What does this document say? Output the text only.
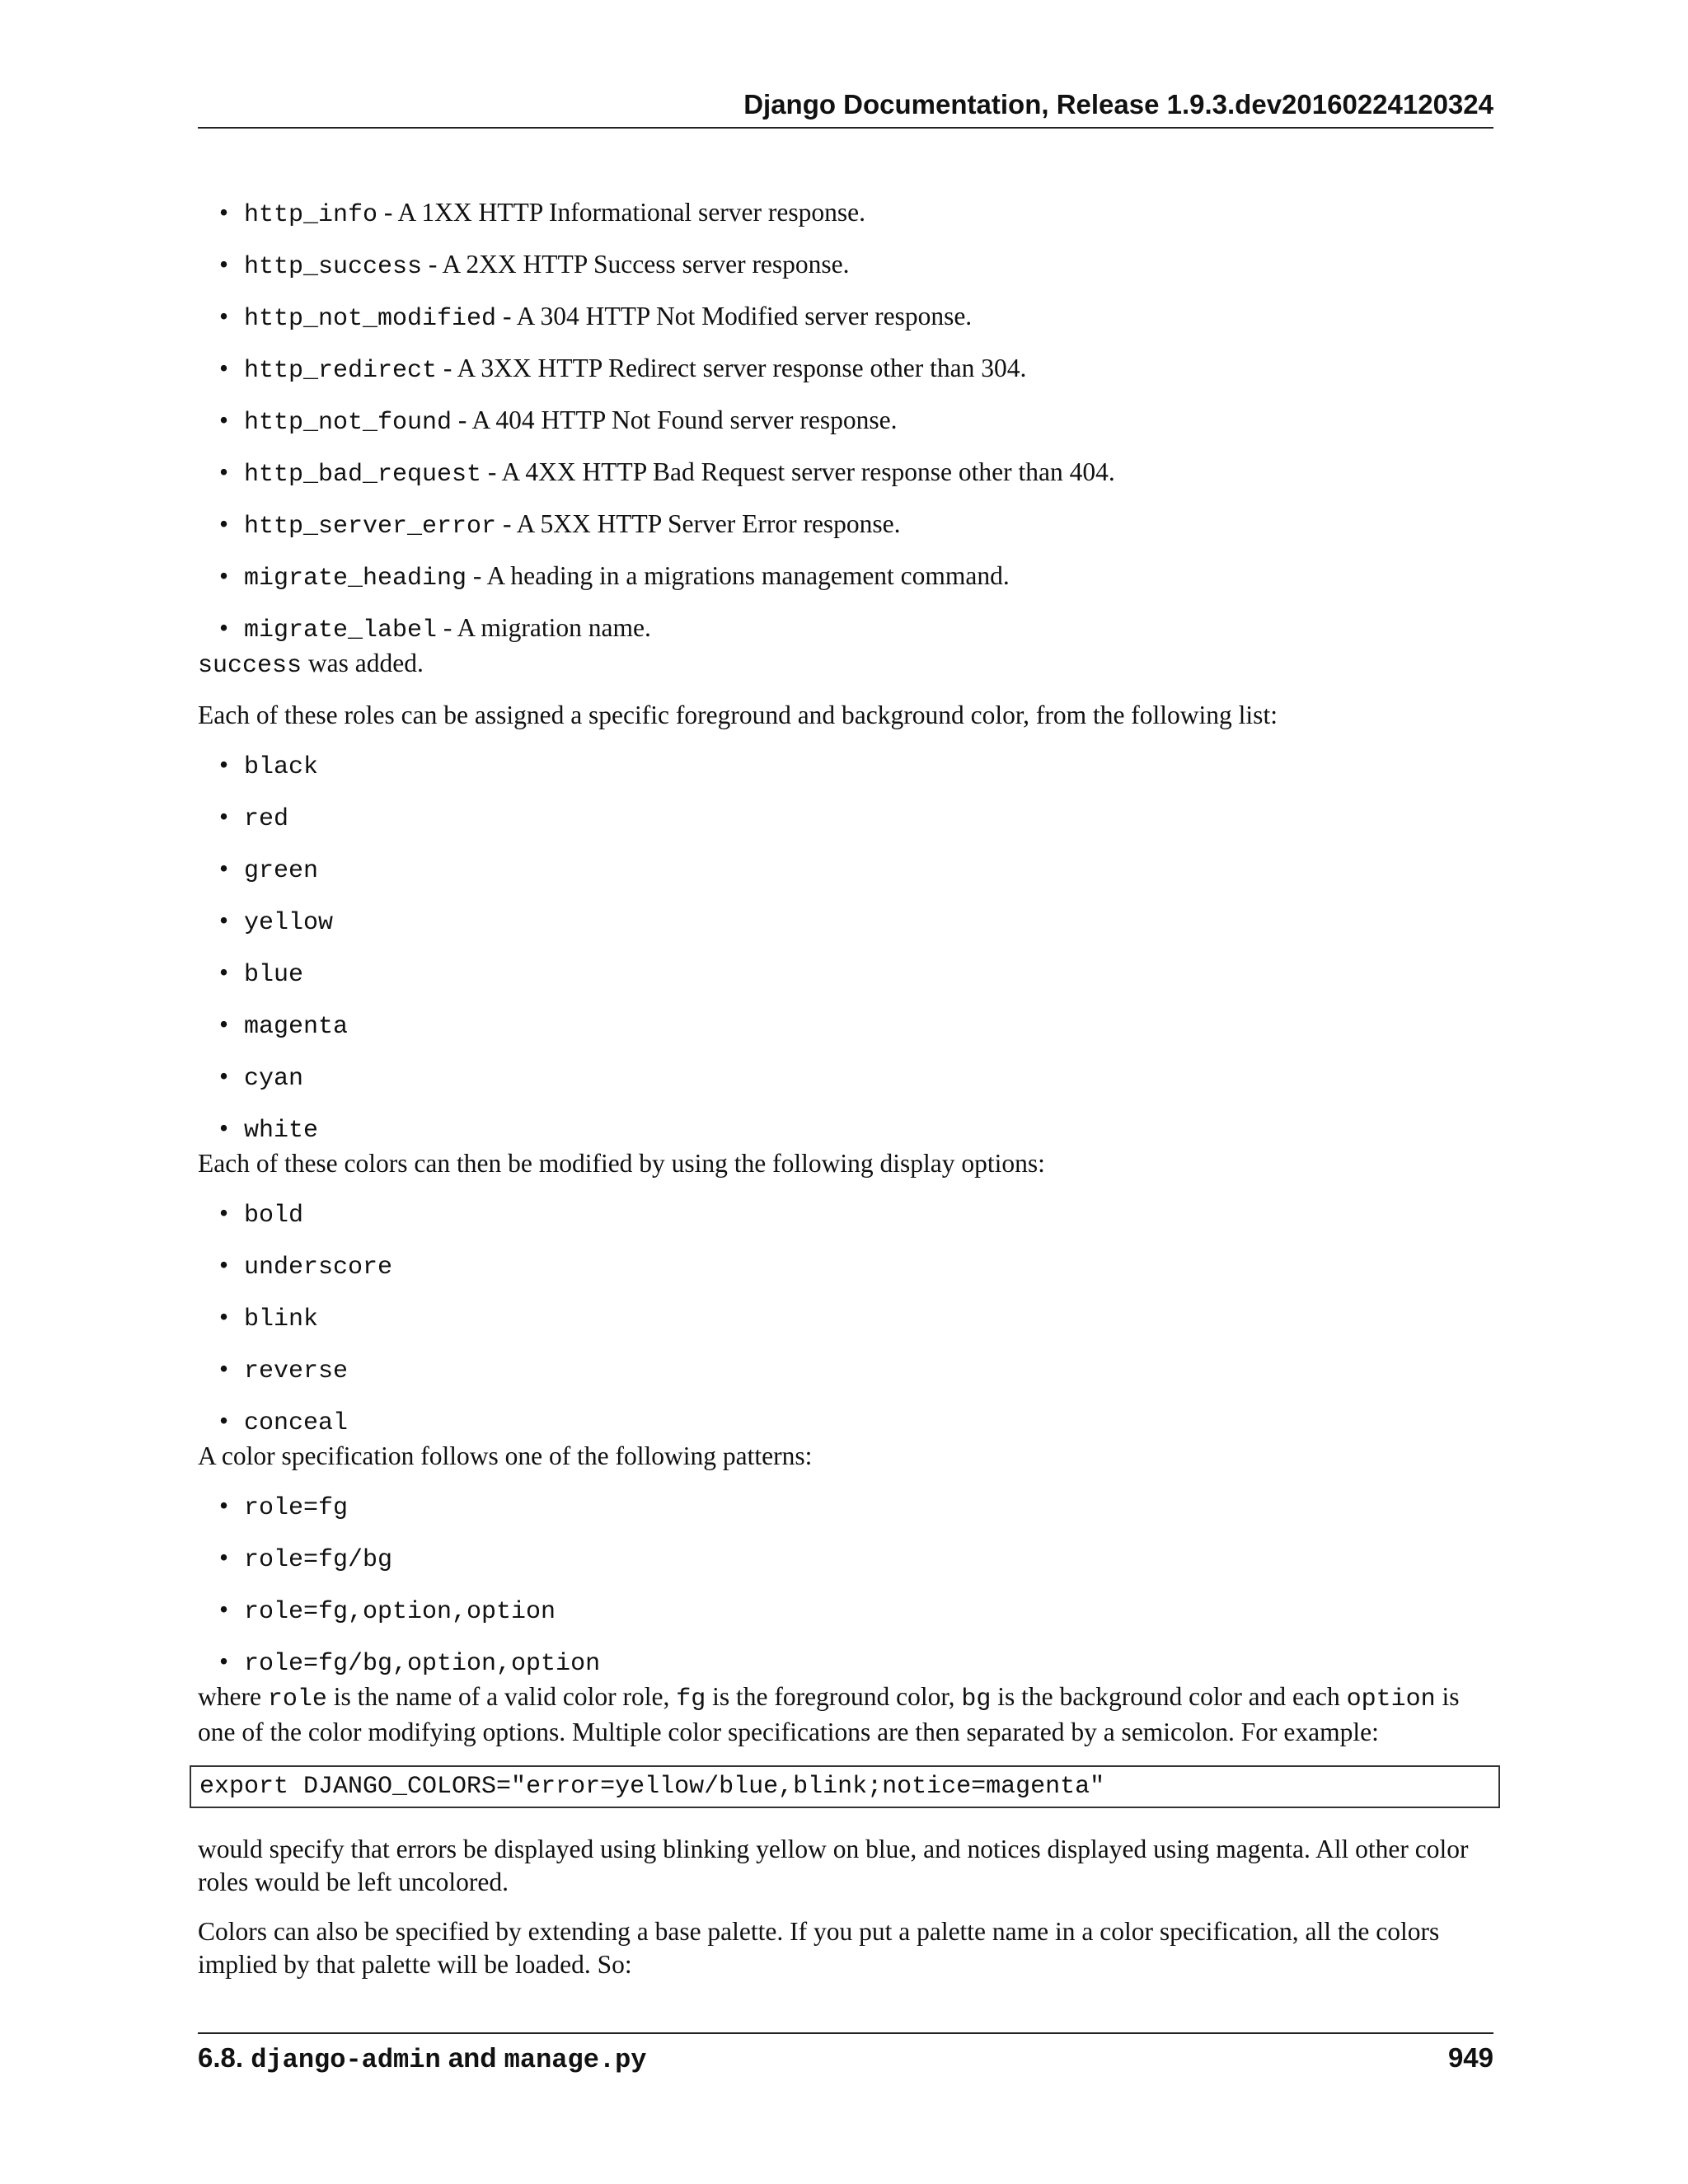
Django Documentation, Release 1.9.3.dev20160224120324
• http_info - A 1XX HTTP Informational server response.
• http_success - A 2XX HTTP Success server response.
• http_not_modified - A 304 HTTP Not Modified server response.
• http_redirect - A 3XX HTTP Redirect server response other than 304.
• http_not_found - A 404 HTTP Not Found server response.
• http_bad_request - A 4XX HTTP Bad Request server response other than 404.
• http_server_error - A 5XX HTTP Server Error response.
• migrate_heading - A heading in a migrations management command.
• migrate_label - A migration name.

success was added.

Each of these roles can be assigned a specific foreground and background color, from the following list:

• black
• red
• green
• yellow
• blue
• magenta
• cyan
• white

Each of these colors can then be modified by using the following display options:

• bold
• underscore
• blink
• reverse
• conceal

A color specification follows one of the following patterns:

• role=fg
• role=fg/bg
• role=fg,option,option
• role=fg/bg,option,option

where role is the name of a valid color role, fg is the foreground color, bg is the background color and each option is one of the color modifying options. Multiple color specifications are then separated by a semicolon. For example:

export DJANGO_COLORS="error=yellow/blue,blink;notice=magenta"

would specify that errors be displayed using blinking yellow on blue, and notices displayed using magenta. All other color roles would be left uncolored.

Colors can also be specified by extending a base palette. If you put a palette name in a color specification, all the colors implied by that palette will be loaded. So:

6.8. django-admin and manage.py	949
